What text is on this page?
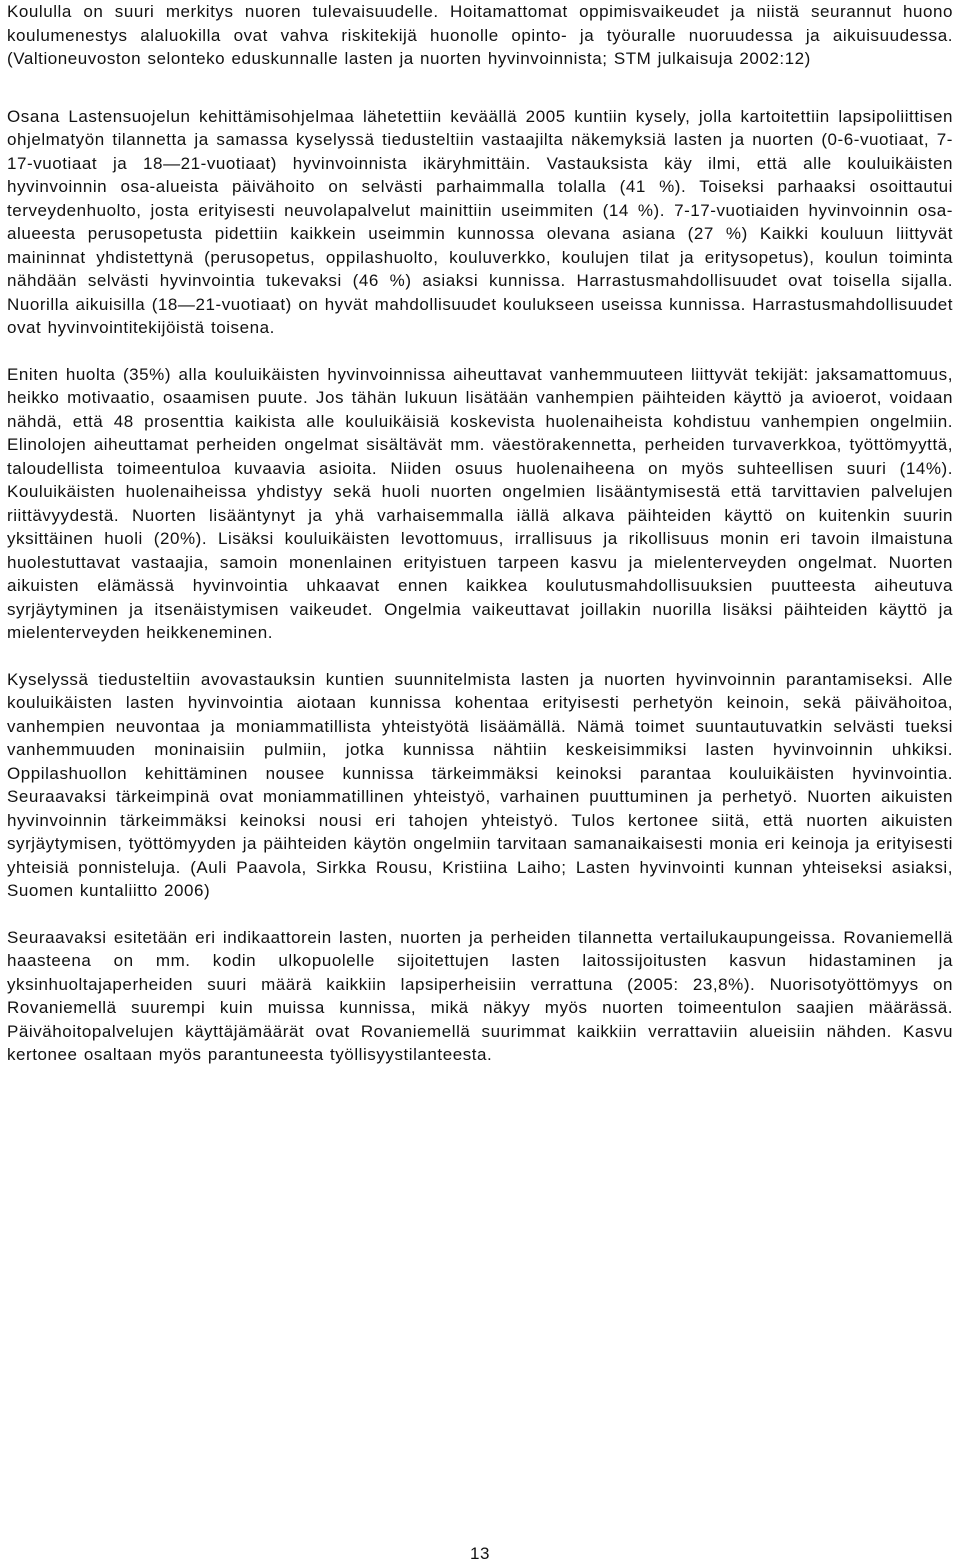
Koululla on suuri merkitys nuoren tulevaisuudelle. Hoitamattomat oppimisvaikeudet ja niistä seurannut huono koulumenestys alaluokilla ovat vahva riskitekijä huonolle opinto- ja työuralle nuoruudessa ja aikuisuudessa. (Valtioneuvoston selonteko eduskunnalle lasten ja nuorten hyvinvoinnista; STM julkaisuja 2002:12)

Osana Lastensuojelun kehittämisohjelmaa lähetettiin keväällä 2005 kuntiin kysely, jolla kartoitettiin lapsipoliittisen ohjelmatyön tilannetta ja samassa kyselyssä tiedusteltiin vastaajilta näkemyksiä lasten ja nuorten (0-6-vuotiaat, 7-17-vuotiaat ja 18—21-vuotiaat) hyvinvoinnista ikäryhmittäin. Vastauksista käy ilmi, että alle kouluikäisten hyvinvoinnin osa-alueista päivähoito on selvästi parhaimmalla tolalla (41 %). Toiseksi parhaaksi osoittautui terveydenhuolto, josta erityisesti neuvolapalvelut mainittiin useimmiten (14 %). 7-17-vuotiaiden hyvinvoinnin osa-alueesta perusopetusta pidettiin kaikkein useimmin kunnossa olevana asiana (27 %) Kaikki kouluun liittyvät maininnat yhdistettynä (perusopetus, oppilashuolto, kouluverkko, koulujen tilat ja eritysopetus), koulun toiminta nähdään selvästi hyvinvointia tukevaksi (46 %) asiaksi kunnissa. Harrastusmahdollisuudet ovat toisella sijalla. Nuorilla aikuisilla (18—21-vuotiaat) on hyvät mahdollisuudet koulukseen useissa kunnissa. Harrastusmahdollisuudet ovat hyvinvointitekijöistä toisena.

Eniten huolta (35%) alla kouluikäisten hyvinvoinnissa aiheuttavat vanhemmuuteen liittyvät tekijät: jaksamattomuus, heikko motivaatio, osaamisen puute. Jos tähän lukuun lisätään vanhempien päihteiden käyttö ja avioerot, voidaan nähdä, että 48 prosenttia kaikista alle kouluikäisiä koskevista huolenaiheista kohdistuu vanhempien ongelmiin. Elinolojen aiheuttamat perheiden ongelmat sisältävät mm. väestörakennetta, perheiden turvaverkkoa, työttömyyttä, taloudellista toimeentuloa kuvaavia asioita. Niiden osuus huolenaiheena on myös suhteellisen suuri (14%). Kouluikäisten huolenaiheissa yhdistyy sekä huoli nuorten ongelmien lisääntymisestä että tarvittavien palvelujen riittävyydestä. Nuorten lisääntynyt ja yhä varhaisemmalla iällä alkava päihteiden käyttö on kuitenkin suurin yksittäinen huoli (20%). Lisäksi kouluikäisten levottomuus, irrallisuus ja rikollisuus monin eri tavoin ilmaistuna huolestuttavat vastaajia, samoin monenlainen erityistuen tarpeen kasvu ja mielenterveyden ongelmat. Nuorten aikuisten elämässä hyvinvointia uhkaavat ennen kaikkea koulutusmahdollisuuksien puutteesta aiheutuva syrjäytyminen ja itsenäistymisen vaikeudet. Ongelmia vaikeuttavat joillakin nuorilla lisäksi päihteiden käyttö ja mielenterveyden heikkeneminen.

Kyselyssä tiedusteltiin avovastauksin kuntien suunnitelmista lasten ja nuorten hyvinvoinnin parantamiseksi. Alle kouluikäisten lasten hyvinvointia aiotaan kunnissa kohentaa erityisesti perhetyön keinoin, sekä päivähoitoa, vanhempien neuvontaa ja moniammatillista yhteistyötä lisäämällä. Nämä toimet suuntautuvatkin selvästi tueksi vanhemmuuden moninaisiin pulmiin, jotka kunnissa nähtiin keskeisimmiksi lasten hyvinvoinnin uhkiksi. Oppilashuollon kehittäminen nousee kunnissa tärkeimmäksi keinoksi parantaa kouluikäisten hyvinvointia. Seuraavaksi tärkeimpinä ovat moniammatillinen yhteistyö, varhainen puuttuminen ja perhetyö. Nuorten aikuisten hyvinvoinnin tärkeimmäksi keinoksi nousi eri tahojen yhteistyö. Tulos kertonee siitä, että nuorten aikuisten syrjäytymisen, työttömyyden ja päihteiden käytön ongelmiin tarvitaan samanaikaisesti monia eri keinoja ja erityisesti yhteisiä ponnisteluja. (Auli Paavola, Sirkka Rousu, Kristiina Laiho; Lasten hyvinvointi kunnan yhteiseksi asiaksi, Suomen kuntaliitto 2006)

Seuraavaksi esitetään eri indikaattorein lasten, nuorten ja perheiden tilannetta vertailukaupungeissa. Rovaniemellä haasteena on mm. kodin ulkopuolelle sijoitettujen lasten laitossijoitusten kasvun hidastaminen ja yksinhuoltajaperheiden suuri määrä kaikkiin lapsiperheisiin verrattuna (2005: 23,8%). Nuorisotyöttömyys on Rovaniemellä suurempi kuin muissa kunnissa, mikä näkyy myös nuorten toimeentulon saajien määrässä. Päivähoitopalvelujen käyttäjämäärät ovat Rovaniemellä suurimmat kaikkiin verrattaviin alueisiin nähden. Kasvu kertonee osaltaan myös parantuneesta työllisyystilanteesta.

13
